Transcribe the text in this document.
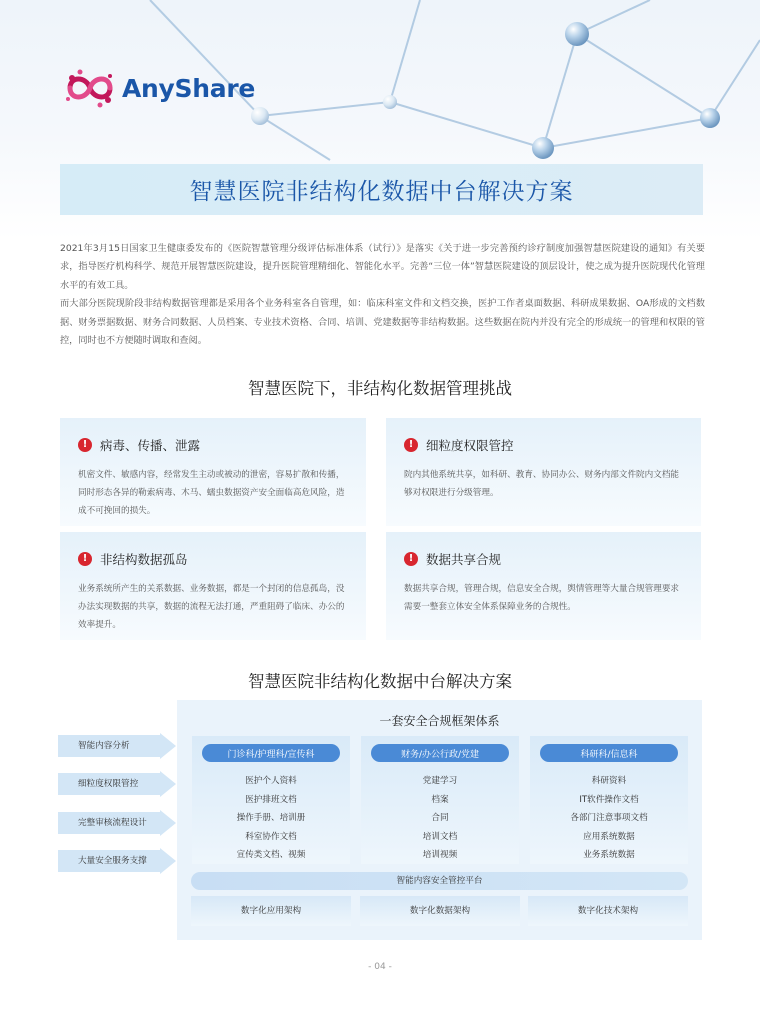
AnyShare
智慧医院非结构化数据中台解决方案

2021年3月15日国家卫生健康委发布的《医院智慧管理分级评估标准体系（试行）》是落实《关于进一步完善预约诊疗制度加强智慧医院建设的通知》有关要求，指导医疗机构科学、规范开展智慧医院建设，提升医院管理精细化、智能化水平。完善“三位一体”智慧医院建设的顶层设计，使之成为提升医院现代化管理水平的有效工具。

而大部分医院现阶段非结构数据管理都是采用各个业务科室各自管理，如：临床科室文件和文档交换，医护工作者桌面数据、科研成果数据、OA形成的文档数据、财务票据数据、财务合同数据、人员档案、专业技术资格、合同、培训、党建数据等非结构数据。这些数据在院内并没有完全的形成统一的管理和权限的管控，同时也不方便随时调取和查阅。

智慧医院下，非结构化数据管理挑战
!	病毒、传播、泄露
机密文件、敏感内容，经常发生主动或被动的泄密，容易扩散和传播，同时形态各异的勒索病毒、木马、蠕虫数据资产安全面临高危风险，造成不可挽回的损失。
!	细粒度权限管控
院内其他系统共享，如科研、教育、协同办公、财务内部文件院内文档能够对权限进行分级管理。
!	非结构数据孤岛
业务系统所产生的关系数据、业务数据，都是一个封闭的信息孤岛，没办法实现数据的共享，数据的流程无法打通，严重阻碍了临床、办公的效率提升。
!	数据共享合规
数据共享合规，管理合规，信息安全合规，舆情管理等大量合规管理要求需要一整套立体安全体系保障业务的合规性。
智慧医院非结构化数据中台解决方案
一套安全合规框架体系
智能内容分析
细粒度权限管控
完整审核流程设计
大量安全服务支撑
门诊科/护理科/宣传科
医护个人资料
医护排班文档
操作手册、培训册
科室协作文档
宣传类文档、视频
财务/办公行政/党建
党建学习
档案
合同
培训文档
培训视频
科研科/信息科
科研资料
IT软件操作文档
各部门注意事项文档
应用系统数据
业务系统数据
智能内容安全管控平台
数字化应用架构	数字化数据架构	数字化技术架构
- 04 -
